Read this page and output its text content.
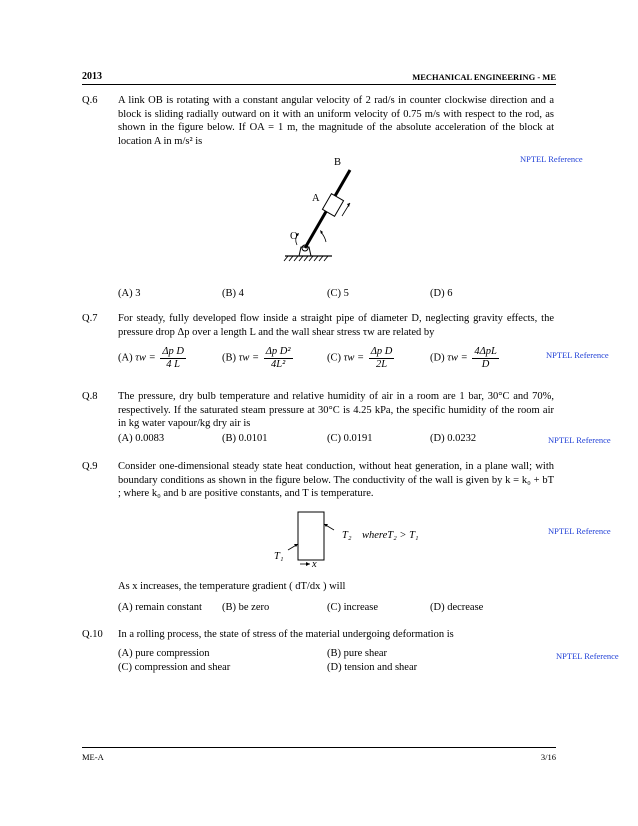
2013	MECHANICAL ENGINEERING - ME
Q.6	A link OB is rotating with a constant angular velocity of 2 rad/s in counter clockwise direction and a block is sliding radially outward on it with an uniform velocity of 0.75 m/s with respect to the rod, as shown in the figure below. If OA = 1 m, the magnitude of the absolute acceleration of the block at location A in m/s² is
NPTEL Reference
B
A
O
(A) 3	(B) 4	(C) 5	(D) 6
Q.7	For steady, fully developed flow inside a straight pipe of diameter D, neglecting gravity effects, the pressure drop Δp over a length L and the wall shear stress τw are related by
(A) $\tau w = \frac{\text{Δp D}}{4 L}$	(B) $\tau w = \frac{\text{Δp D²}}{\text{4L²}}$	(C) $\tau w = \frac{\text{Δp D}}{2L}$	(D) $\tau w = \frac{\text{4ΔpL}}{D}$	NPTEL Reference
Q.8	The pressure, dry bulb temperature and relative humidity of air in a room are 1 bar, 30°C and 70%, respectively. If the saturated steam pressure at 30°C is 4.25 kPa, the specific humidity of the room air in kg water vapour/kg dry air is
(A) 0.0083	(B) 0.0101	(C) 0.0191	(D) 0.0232	NPTEL Reference
Q.9	Consider one-dimensional steady state heat conduction, without heat generation, in a plane wall; with boundary conditions as shown in the figure below. The conductivity of the wall is given by k = k₀ + bT ; where k₀ and b are positive constants, and T is temperature.
T₂ whereT₂ > T₁
T₁
x
NPTEL Reference
As x increases, the temperature gradient ( dT/dx ) will
(A) remain constant (B) be zero	(C) increase	(D) decrease
Q.10	In a rolling process, the state of stress of the material undergoing deformation is
(A) pure compression	(B) pure shear
(C) compression and shear	(D) tension and shear
NPTEL Reference
ME-A	3/16
